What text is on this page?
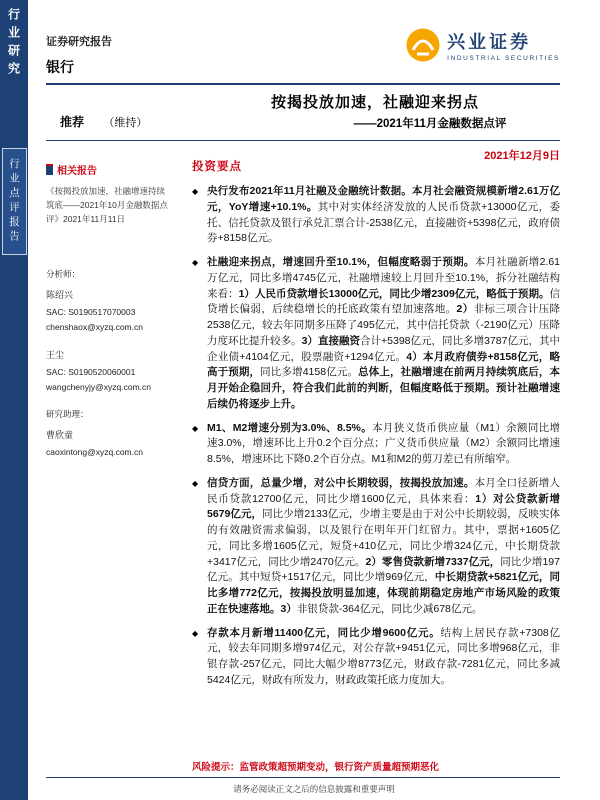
行业研究
行业点评报告
证券研究报告
银行
兴业证券
INDUSTRIAL SECURITIES
按揭投放加速，社融迎来拐点
——2021年11月金融数据点评
推荐 （维持）
2021年12月9日
相关报告
《按揭投放加速，社融增速持续筑底——2021年10月金融数据点评》2021年11月11日
分析师：
陈绍兴
SAC: S0190517070003
chenshaox@xyzq.com.cn
王尘
SAC: S0190520060001
wangchenyjy@xyzq.com.cn
研究助理：
曹欣童
caoxintong@xyzq.com.cn
投资要点
◆ 央行发布2021年11月社融及金融统计数据。本月社会融资规模新增2.61万亿元，YoY增速+10.1%。其中对实体经济发放的人民币贷款+13000亿元，委托、信托贷款及银行承兑汇票合计-2538亿元，直接融资+5398亿元，政府债券+8158亿元。
◆ 社融迎来拐点，增速回升至10.1%，但幅度略弱于预期。本月社融新增2.61万亿元，同比多增4745亿元，社融增速较上月回升至10.1%，拆分社融结构来看：1）人民币贷款增长13000亿元，同比少增2309亿元，略低于预期。信贷增长偏弱，后续稳增长的托底政策有望加速落地。2）非标三项合计压降2538亿元，较去年同期多压降了495亿元，其中信托贷款（-2190亿元）压降力度环比提升较多。3）直接融资合计+5398亿元，同比多增3787亿元，其中企业债+4104亿元，股票融资+1294亿元。4）本月政府债券+8158亿元，略高于预期，同比多增4158亿元。总体上，社融增速在前两月持续筑底后，本月开始企稳回升，符合我们此前的判断，但幅度略低于预期。预计社融增速后续仍将逐步上升。
◆ M1、M2增速分别为3.0%、8.5%。本月狭义货币供应量（M1）余额同比增速3.0%，增速环比上升0.2个百分点；广义货币供应量（M2）余额同比增速8.5%，增速环比下降0.2个百分点。M1和M2的剪刀差已有所缩窄。
◆ 信贷方面，总量少增，对公中长期较弱，按揭投放加速。本月全口径新增人民币贷款12700亿元，同比少增1600亿元，具体来看：1）对公贷款新增5679亿元，同比少增2133亿元，少增主要是由于对公中长期较弱，反映实体的有效融资需求偏弱，以及银行在明年开门红留力。其中，票据+1605亿元，同比多增1605亿元，短贷+410亿元，同比少增324亿元，中长期贷款+3417亿元，同比少增2470亿元。2）零售贷款新增7337亿元，同比少增197亿元。其中短贷+1517亿元，同比少增969亿元，中长期贷款+5821亿元，同比多增772亿元，按揭投放明显加速，体现前期稳定房地产市场风险的政策正在快速落地。3）非银贷款-364亿元，同比少减678亿元。
◆ 存款本月新增11400亿元，同比少增9600亿元。结构上居民存款+7308亿元，较去年同期多增974亿元，对公存款+9451亿元，同比多增968亿元，非银存款-257亿元，同比大幅少增8773亿元，财政存款-7281亿元，同比多减5424亿元，财政有所发力，财政政策托底力度加大。
风险提示：监管政策超预期变动，银行资产质量超预期恶化
请务必阅读正文之后的信息披露和重要声明
